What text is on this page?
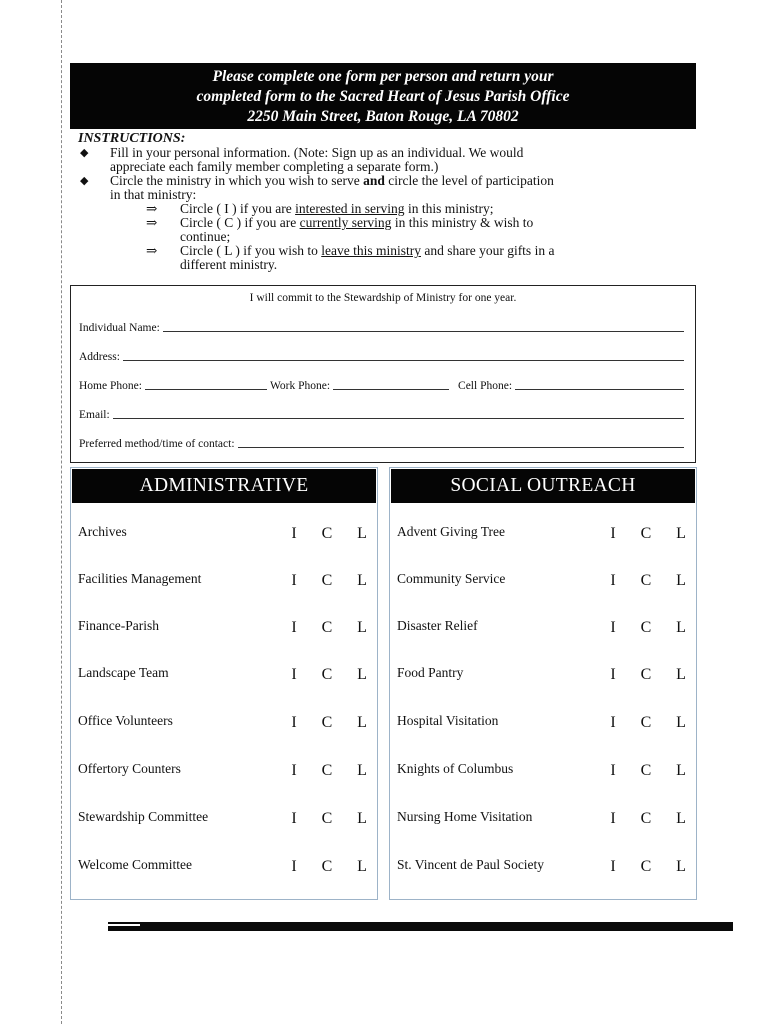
Please complete one form per person and return your
completed form to the Sacred Heart of Jesus Parish Office
2250 Main Street, Baton Rouge, LA 70802
INSTRUCTIONS:
◆ Fill in your personal information. (Note: Sign up as an individual. We would
appreciate each family member completing a separate form.)
◆ Circle the ministry in which you wish to serve and circle the level of participation
in that ministry:
⇒ Circle ( I ) if you are interested in serving in this ministry;
⇒ Circle ( C ) if you are currently serving in this ministry & wish to
continue;
⇒ Circle ( L ) if you wish to leave this ministry and share your gifts in a
different ministry.
I will commit to the Stewardship of Ministry for one year.
Individual Name:
Address:
Home Phone:	Work Phone:	Cell Phone:
Email:
Preferred method/time of contact:
ADMINISTRATIVE
Archives	I	C L
Facilities Management	I	C L
Finance-Parish	I	C L
Landscape Team	I	C L
Office Volunteers	I	C L
Offertory Counters	I	C L
Stewardship Committee	I	C L
Welcome Committee	I	C L
SOCIAL OUTREACH
Advent Giving Tree	I	C L
Community Service	I	C L
Disaster Relief	I	C L
Food Pantry	I	C L
Hospital Visitation	I	C L
Knights of Columbus	I	C L
Nursing Home Visitation	I	C L
St. Vincent de Paul Society	I	C L
